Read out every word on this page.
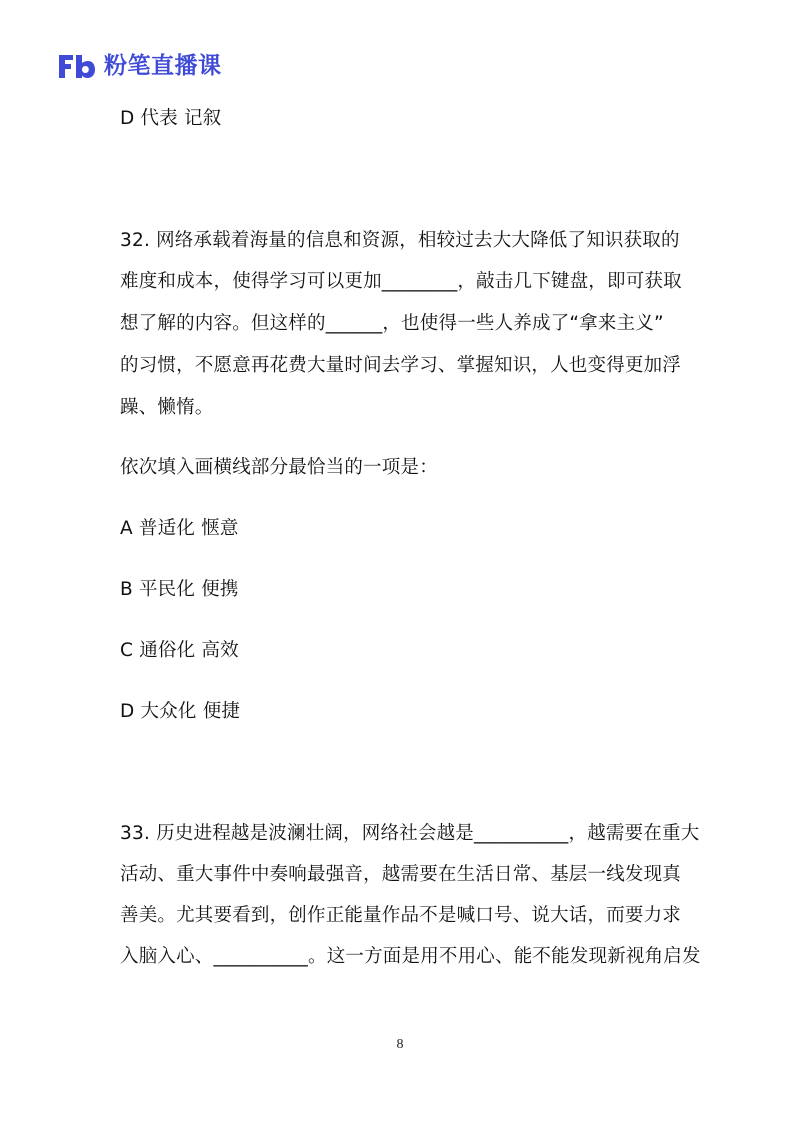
粉笔直播课
D 代表 记叙
32. 网络承载着海量的信息和资源，相较过去大大降低了知识获取的
难度和成本，使得学习可以更加________，敲击几下键盘，即可获取
想了解的内容。但这样的______，也使得一些人养成了“拿来主义”
的习惯，不愿意再花费大量时间去学习、掌握知识，人也变得更加浮
躁、懒惰。
依次填入画横线部分最恰当的一项是：
A 普适化 惬意
B 平民化 便携
C 通俗化 高效
D 大众化 便捷
33. 历史进程越是波澜壮阔，网络社会越是__________，越需要在重大
活动、重大事件中奏响最强音，越需要在生活日常、基层一线发现真
善美。尤其要看到，创作正能量作品不是喊口号、说大话，而要力求
入脑入心、__________。这一方面是用不用心、能不能发现新视角启发
8
